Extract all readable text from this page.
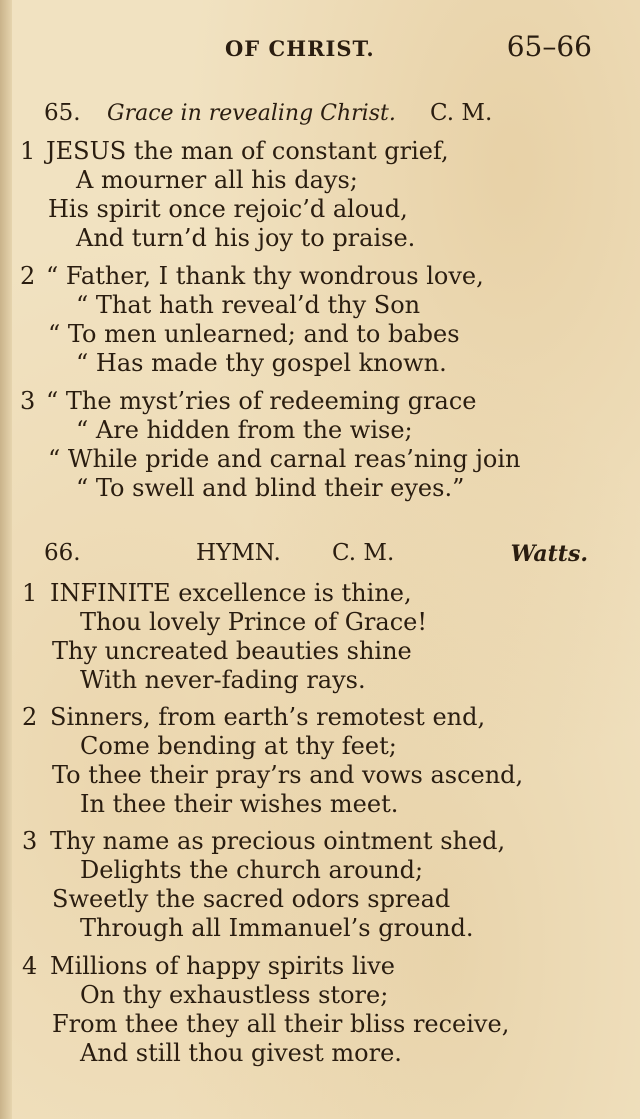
OF CHRIST.	65–66
65. Grace in revealing Christ. C. M.
1 JESUS the man of constant grief,
A mourner all his days;
His spirit once rejoic’d aloud,
And turn’d his joy to praise.
2 “ Father, I thank thy wondrous love,
“ That hath reveal’d thy Son
“ To men unlearned; and to babes
“ Has made thy gospel known.
3 “ The myst’ries of redeeming grace
“ Are hidden from the wise;
“ While pride and carnal reas’ning join
“ To swell and blind their eyes.”
66.	HYMN. C. M.	Watts.
1 INFINITE excellence is thine,
Thou lovely Prince of Grace!
Thy uncreated beauties shine
With never-fading rays.
2 Sinners, from earth’s remotest end,
Come bending at thy feet;
To thee their pray’rs and vows ascend,
In thee their wishes meet.
3 Thy name as precious ointment shed,
Delights the church around;
Sweetly the sacred odors spread
Through all Immanuel’s ground.
4 Millions of happy spirits live
On thy exhaustless store;
From thee they all their bliss receive,
And still thou givest more.
